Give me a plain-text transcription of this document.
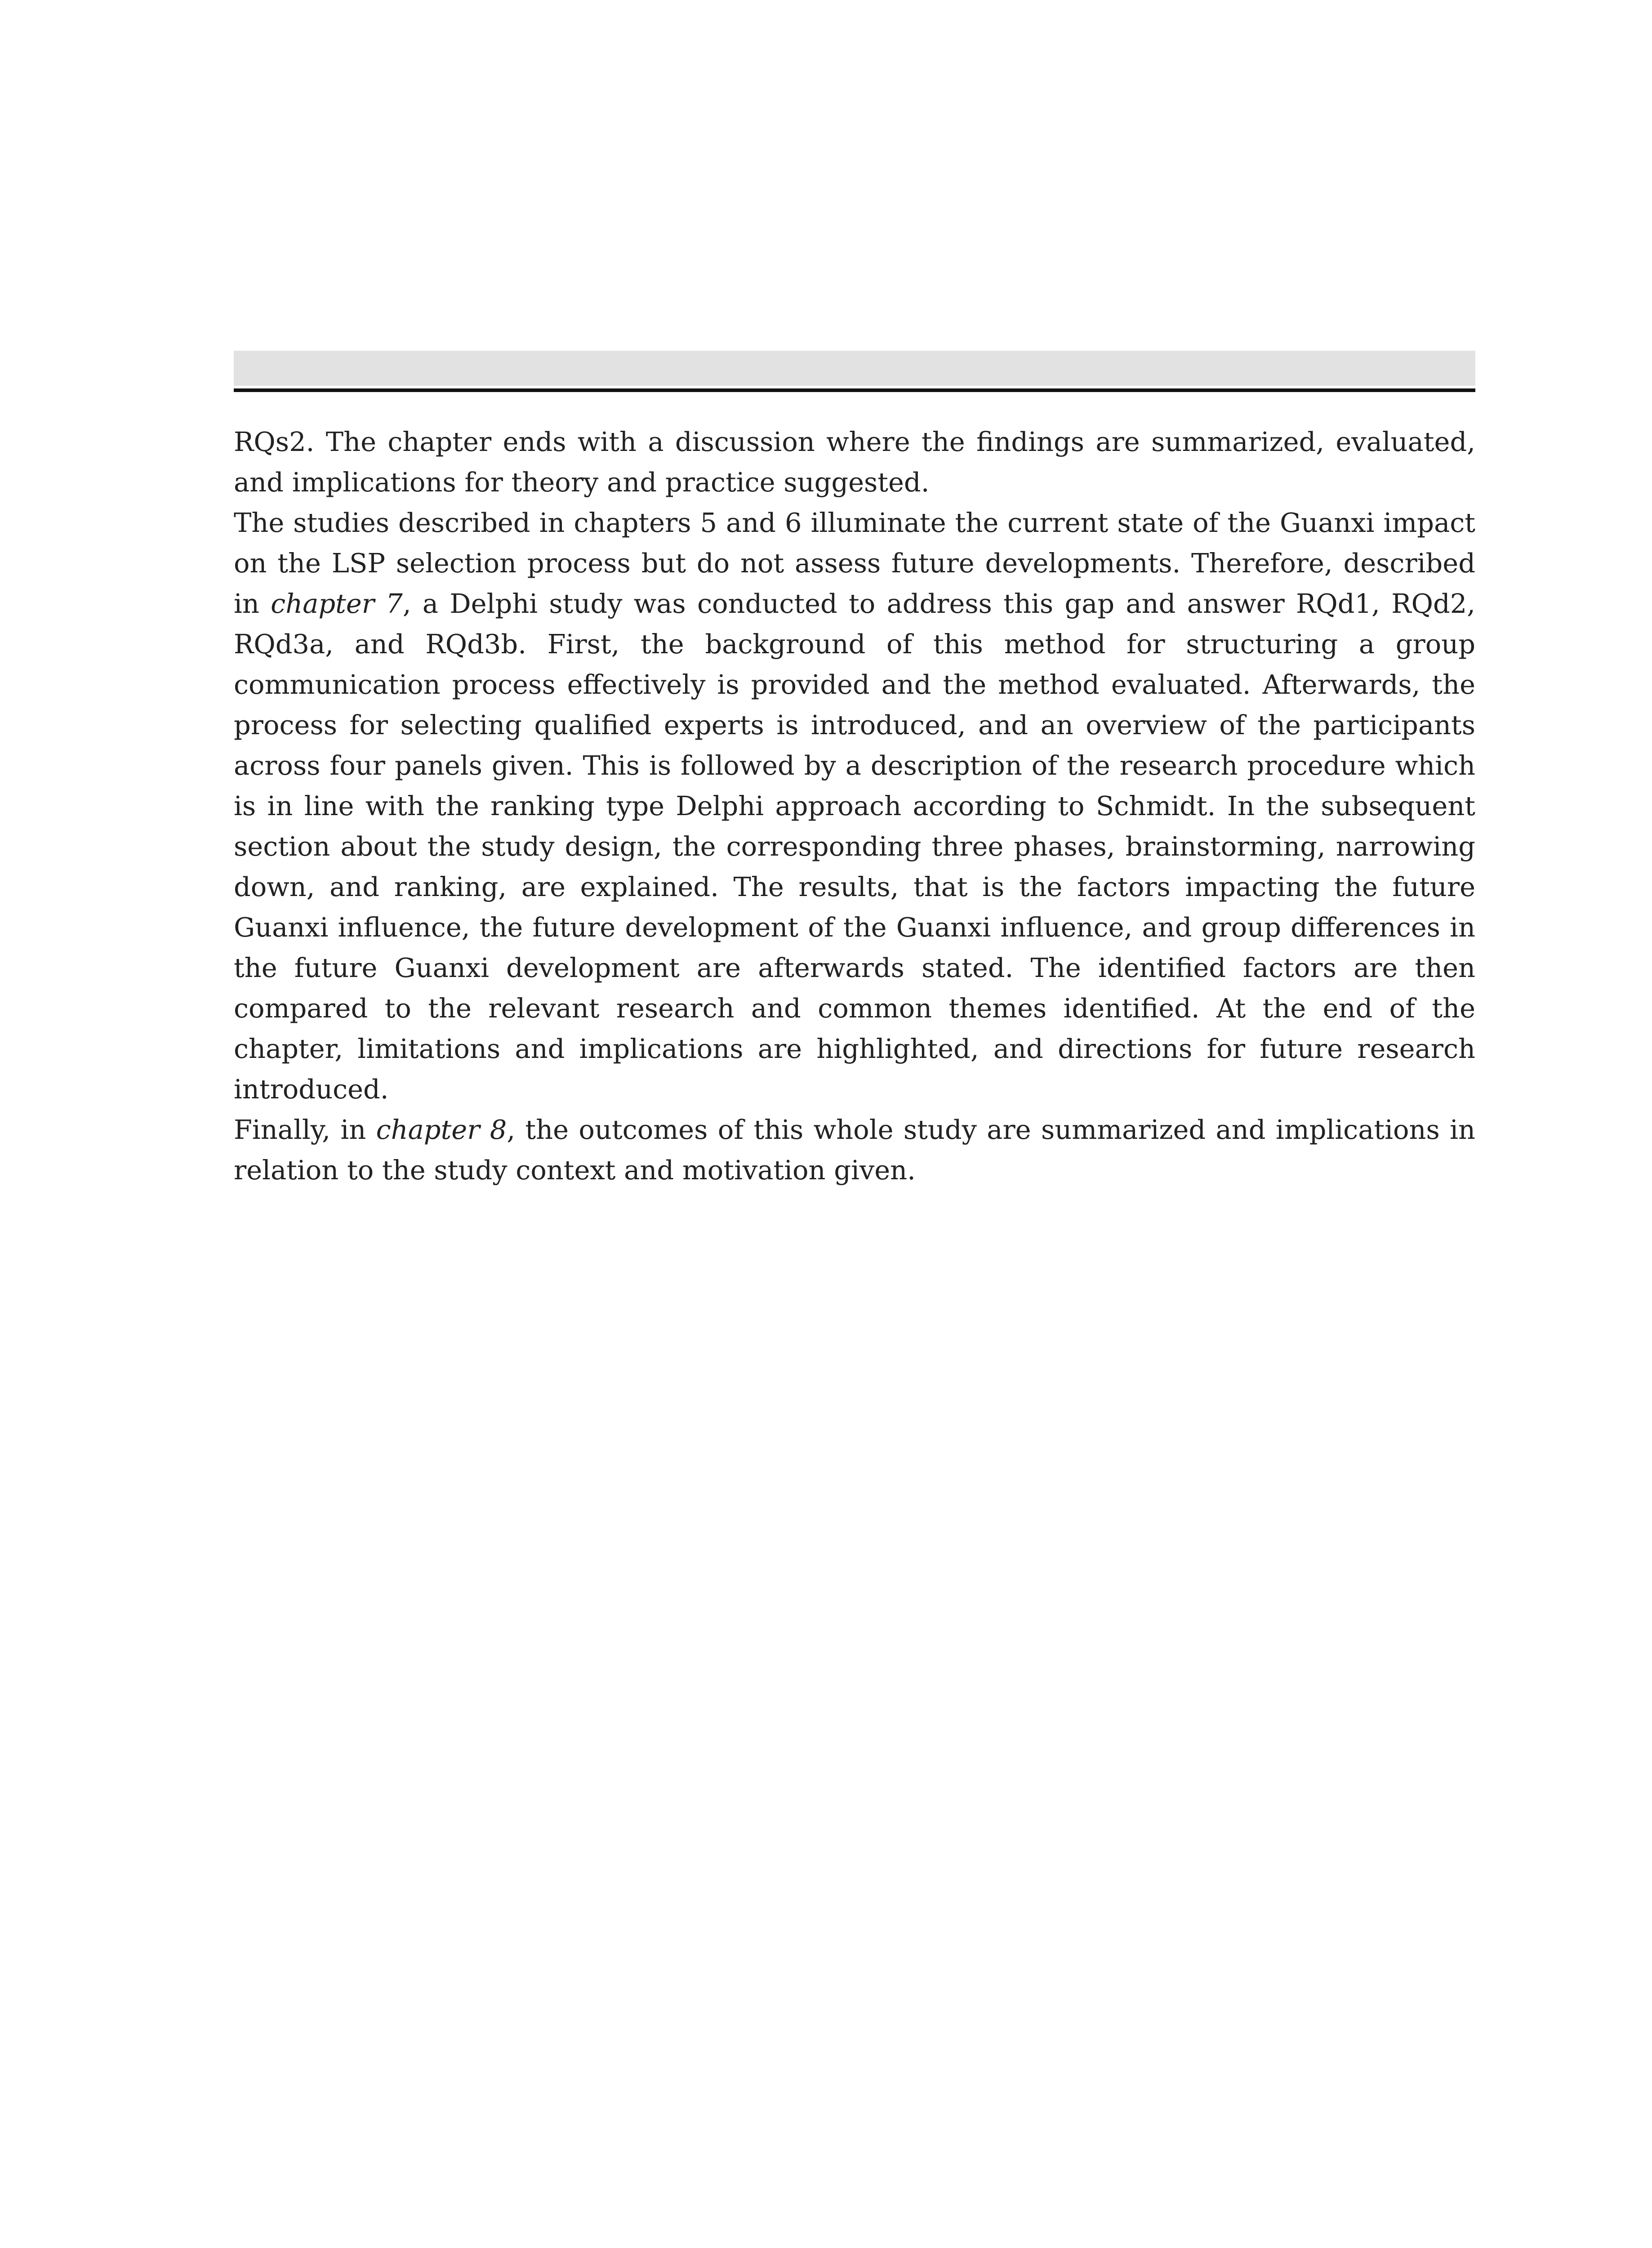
RQs2. The chapter ends with a discussion where the findings are summarized, evaluated, and implications for theory and practice suggested.

The studies described in chapters 5 and 6 illuminate the current state of the Guanxi impact on the LSP selection process but do not assess future developments. Therefore, described in chapter 7, a Delphi study was conducted to address this gap and answer RQd1, RQd2, RQd3a, and RQd3b. First, the background of this method for structuring a group communication process effectively is provided and the method evaluated. Afterwards, the process for selecting qualified experts is introduced, and an overview of the participants across four panels given. This is followed by a description of the research procedure which is in line with the ranking type Delphi approach according to Schmidt. In the subsequent section about the study design, the corresponding three phases, brainstorming, narrowing down, and ranking, are explained. The results, that is the factors impacting the future Guanxi influence, the future development of the Guanxi influence, and group differences in the future Guanxi development are afterwards stated. The identified factors are then compared to the relevant research and common themes identified. At the end of the chapter, limitations and implications are highlighted, and directions for future research introduced.

Finally, in chapter 8, the outcomes of this whole study are summarized and implications in relation to the study context and motivation given.
